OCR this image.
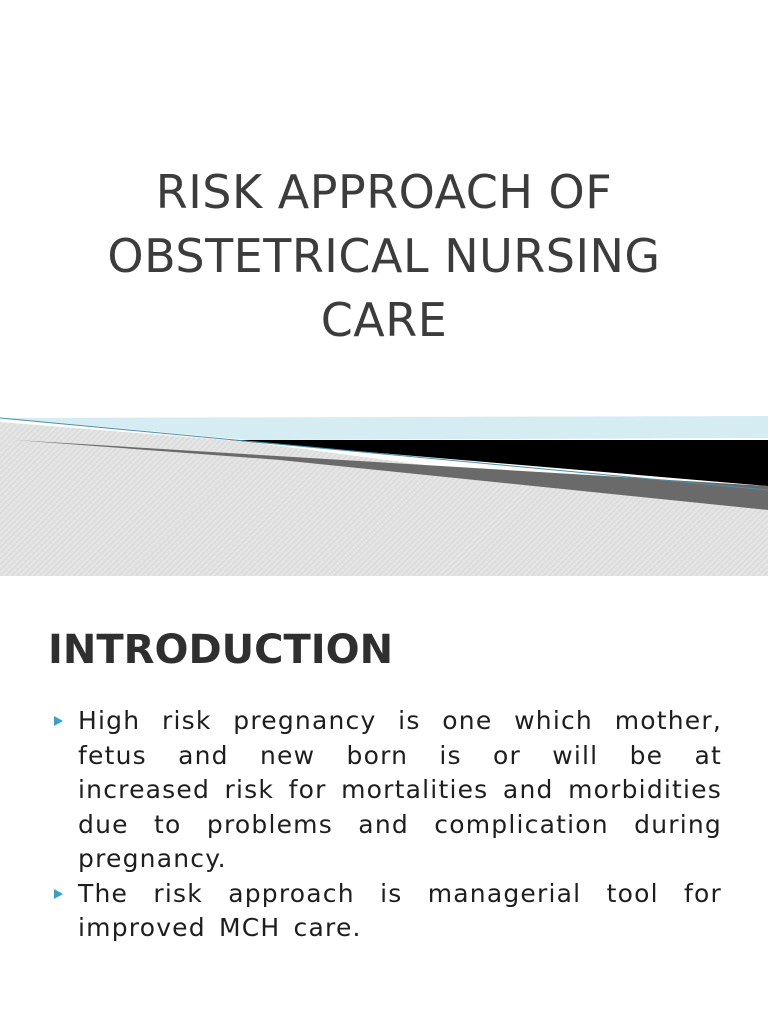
RISK APPROACH OF
OBSTETRICAL NURSING
CARE
INTRODUCTION
High risk pregnancy is one which mother, fetus and new born is or will be at increased risk for mortalities and morbidities due to problems and complication during pregnancy.
The risk approach is managerial tool for improved MCH care.
